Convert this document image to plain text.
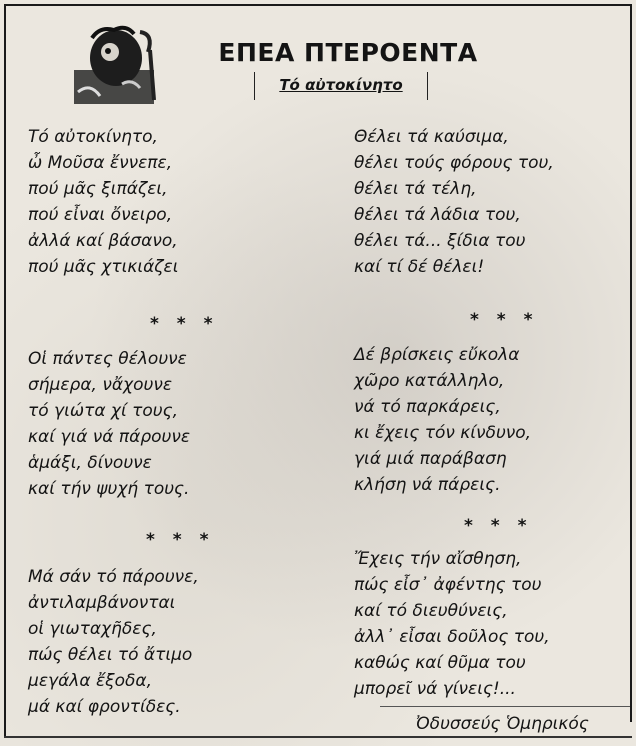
ΕΠΕΑ ΠΤΕΡΟΕΝΤΑ
Τό αὐτοκίνητο
Τό αὐτοκίνητο,
ὦ Μοῦσα ἔννεπε,
πού μᾶς ξιπάζει,
πού εἶναι ὄνειρο,
ἀλλά καί βάσανο,
πού μᾶς χτικιάζει
* * *
Οἱ πάντες θέλουνε
σήμερα, νἄχουνε
τό γιώτα χί τους,
καί γιά νά πάρουνε
ἁμάξι, δίνουνε
καί τήν ψυχή τους.
* * *
Μά σάν τό πάρουνε,
ἀντιλαμβάνονται
οἱ γιωταχῆδες,
πώς θέλει τό ἄτιμο
μεγάλα ἔξοδα,
μά καί φροντίδες.
Θέλει τά καύσιμα,
θέλει τούς φόρους του,
θέλει τά τέλη,
θέλει τά λάδια του,
θέλει τά... ξίδια του
καί τί δέ θέλει!
* * *
Δέ βρίσκεις εὔκολα
χῶρο κατάλληλο,
νά τό παρκάρεις,
κι ἔχεις τόν κίνδυνο,
γιά μιά παράβαση
κλήση νά πάρεις.
* * *
Ἔχεις τήν αἴσθηση,
πώς εἶσ᾽ ἀφέντης του
καί τό διευθύνεις,
ἀλλ᾽ εἶσαι δοῦλος του,
καθώς καί θῦμα του
μπορεῖ νά γίνεις!...
Ὀδυσσεύς Ὁμηρικός
